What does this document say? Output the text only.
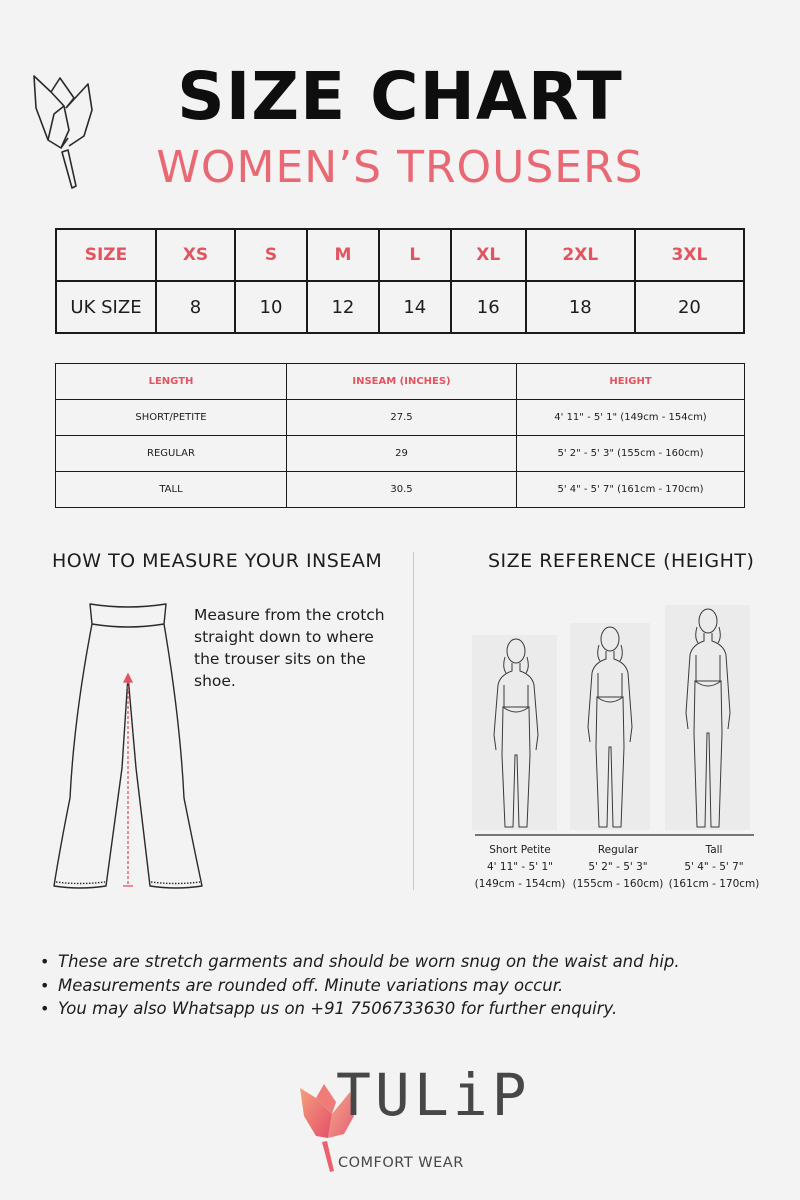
SIZE CHART
WOMEN’S TROUSERS
SIZE	XS	S	M	L	XL	2XL	3XL
UK SIZE	8	10	12	14	16	18	20
LENGTH	INSEAM (INCHES)	HEIGHT
SHORT/PETITE	27.5	4' 11" - 5' 1" (149cm - 154cm)
REGULAR	29	5' 2" - 5' 3" (155cm - 160cm)
TALL	30.5	5' 4" - 5' 7" (161cm - 170cm)
HOW TO MEASURE YOUR INSEAM	SIZE REFERENCE (HEIGHT)
Measure from the crotch straight down to where the trouser sits on the shoe.
Short Petite
4' 11" - 5' 1"
(149cm - 154cm)
Regular
5' 2" - 5' 3"
(155cm - 160cm)
Tall
5' 4" - 5' 7"
(161cm - 170cm)
• These are stretch garments and should be worn snug on the waist and hip.
• Measurements are rounded off. Minute variations may occur.
• You may also Whatsapp us on +91 7506733630 for further enquiry.
TULiP
COMFORT WEAR
